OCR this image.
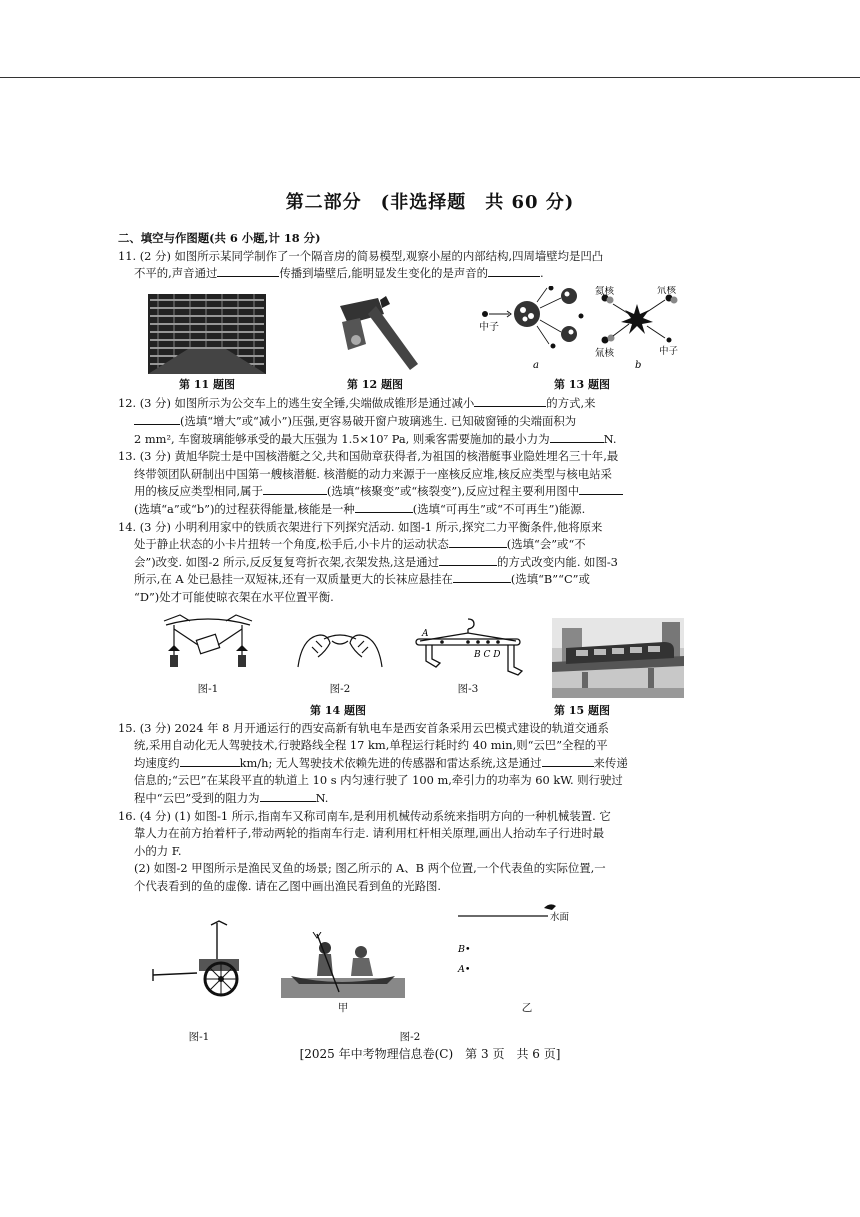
第二部分　(非选择题　共 60 分)
二、填空与作图题(共 6 小题,计 18 分)
11. (2 分) 如图所示某同学制作了一个隔音房的简易模型,观察小屋的内部结构,四周墙壁均是凹凸
不平的,声音通过	传播到墙壁后,能明显发生变化的是声音的	.
第 11 题图	第 12 题图
中子
a
氦核	氘核
氚核	中子
b
第 13 题图
12. (3 分) 如图所示为公交车上的逃生安全锤,尖端做成锥形是通过减小	的方式,来
(选填“增大”或“减小”)压强,更容易破开窗户玻璃逃生. 已知破窗锤的尖端面积为
2 mm², 车窗玻璃能够承受的最大压强为 1.5×10⁷ Pa, 则乘客需要施加的最小力为	N.
13. (3 分) 黄旭华院士是中国核潜艇之父,共和国勋章获得者,为祖国的核潜艇事业隐姓埋名三十年,最
终带领团队研制出中国第一艘核潜艇. 核潜艇的动力来源于一座核反应堆,核反应类型与核电站采
用的核反应类型相同,属于	(选填“核聚变”或“核裂变”),反应过程主要利用图中
(选填“a”或“b”)的过程获得能量,核能是一种	(选填“可再生”或“不可再生”)能源.
14. (3 分) 小明利用家中的铁质衣架进行下列探究活动. 如图-1 所示,探究二力平衡条件,他将原来
处于静止状态的小卡片扭转一个角度,松手后,小卡片的运动状态	(选填“会”或“不
会”)改变. 如图-2 所示,反反复复弯折衣架,衣架发热,这是通过	的方式改变内能. 如图-3
所示,在 A 处已悬挂一双短袜,还有一双质量更大的长袜应悬挂在	(选填“B”“C”或
“D”)处才可能使晾衣架在水平位置平衡.
图-1	图-2
A
B C D
图-3
第 14 题图	第 15 题图
15. (3 分) 2024 年 8 月开通运行的西安高新有轨电车是西安首条采用云巴模式建设的轨道交通系
统,采用自动化无人驾驶技术,行驶路线全程 17 km,单程运行耗时约 40 min,则“云巴”全程的平
均速度约	km/h; 无人驾驶技术依赖先进的传感器和雷达系统,这是通过	来传递
信息的;“云巴”在某段平直的轨道上 10 s 内匀速行驶了 100 m,牵引力的功率为 60 kW. 则行驶过
程中“云巴”受到的阻力为	N.
16. (4 分) (1) 如图-1 所示,指南车又称司南车,是利用机械传动系统来指明方向的一种机械装置. 它
靠人力在前方抬着杆子,带动两轮的指南车行走. 请利用杠杆相关原理,画出人抬动车子行进时最
小的力 F.
(2) 如图-2 甲图所示是渔民叉鱼的场景; 图乙所示的 A、B 两个位置,一个代表鱼的实际位置,一
个代表看到的鱼的虚像. 请在乙图中画出渔民看到鱼的光路图.
图-1
甲
水面
B•
A•
乙
图-2
[2025 年中考物理信息卷(C)　第 3 页　共 6 页]
